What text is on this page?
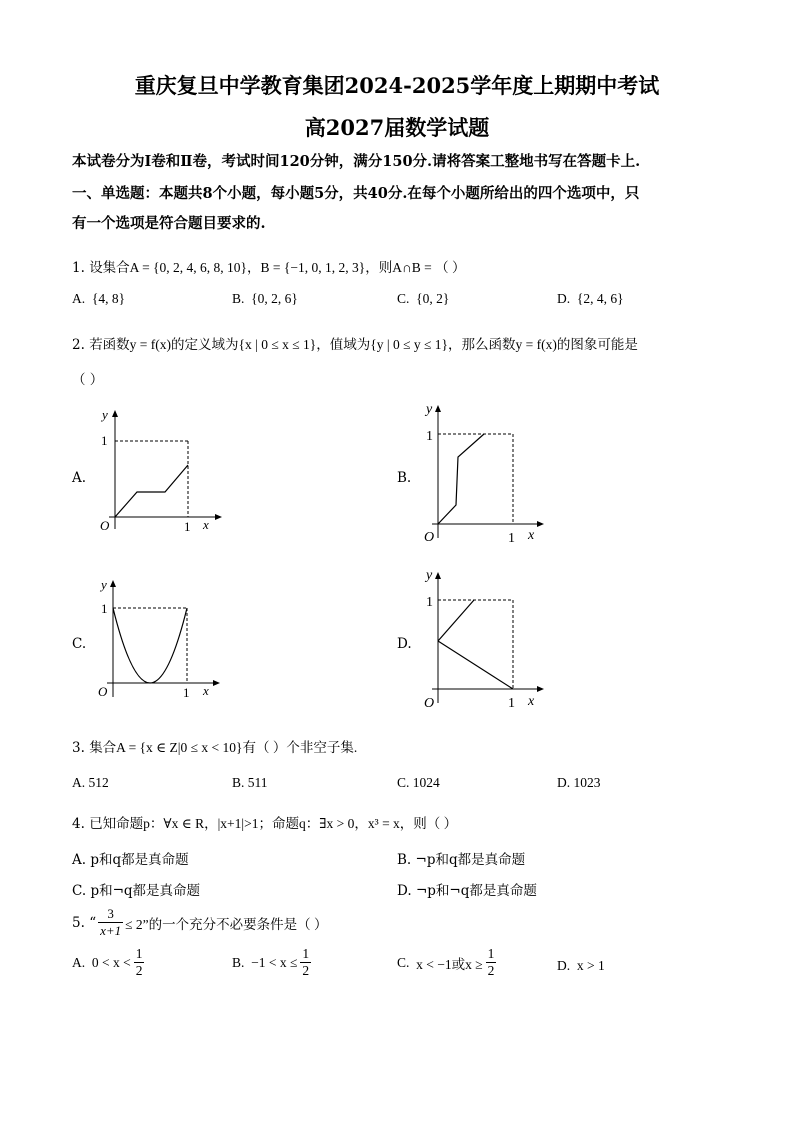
重庆复旦中学教育集团2024-2025学年度上期期中考试
高2027届数学试题
本试卷分为Ⅰ卷和Ⅱ卷，考试时间120分钟，满分150分.请将答案工整地书写在答题卡上.
一、单选题：本题共8个小题，每小题5分，共40分.在每个小题所给出的四个选项中，只
有一个选项是符合题目要求的.
1. 设集合A = {0, 2, 4, 6, 8, 10}，B = {−1, 0, 1, 2, 3}，则A∩B = （ ）
A. {4, 8}	B. {0, 2, 6}	C. {0, 2}	D. {2, 4, 6}
2. 若函数y = f(x)的定义域为{x | 0 ≤ x ≤ 1}，值域为{y | 0 ≤ y ≤ 1}，那么函数y = f(x)的图象可能是
（ ）
A.
y
1
O	1 x
B.
y
1
O	1 x
C.
y
1
O	1 x
D.
y
1
O	1 x
3. 集合A = {x ∈ Z|0 ≤ x < 10}有（ ）个非空子集.
A. 512	B. 511	C. 1024	D. 1023
4. 已知命题p：∀x ∈ R，|x+1|>1；命题q：∃x > 0，x³ = x，则（ ）
A. p和q都是真命题	B. ¬p和q都是真命题
C. p和¬q都是真命题	D. ¬p和¬q都是真命题
5.
“ $\frac{3}{x+1} \le 2$”的一个充分不必要条件是（ ）
A.
$0 < x < \frac{1}{2}$	B.
$-1 < x \le \frac{1}{2}$	C.
x < −1或$x \ge \frac{1}{2}$	D.
x > 1
